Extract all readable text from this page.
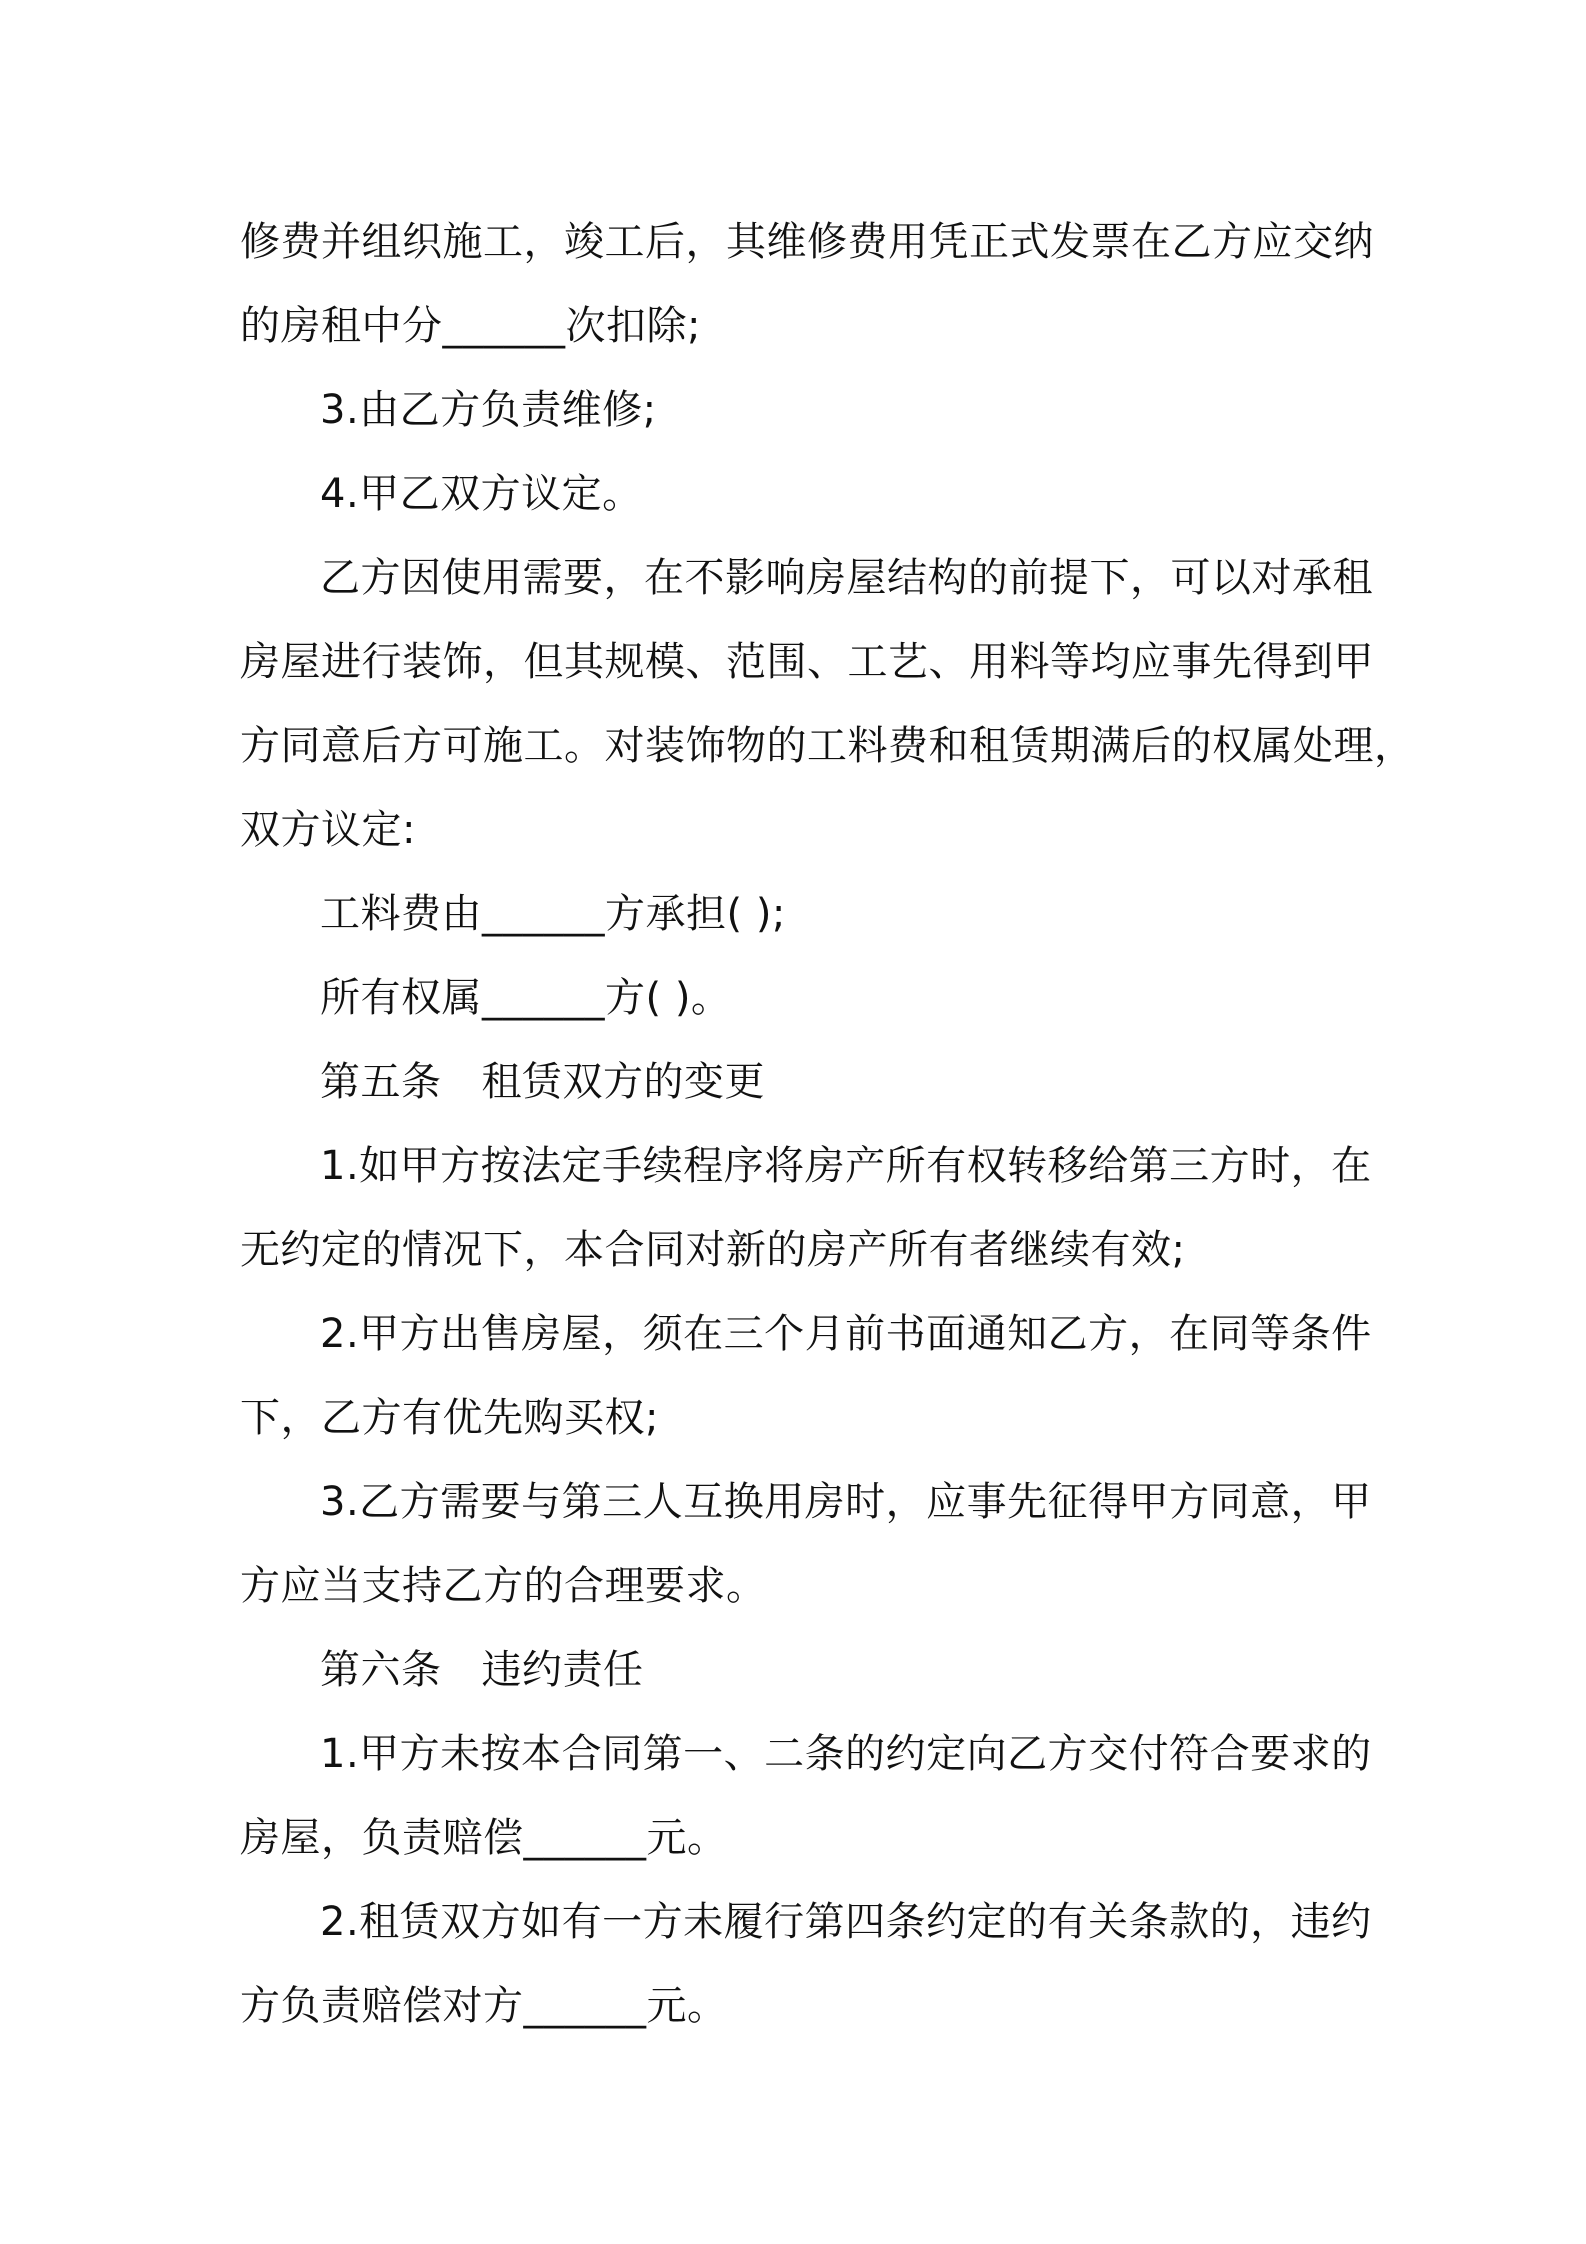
修费并组织施工，竣工后，其维修费用凭正式发票在乙方应交纳
的房租中分______次扣除;
3.由乙方负责维修;
4.甲乙双方议定。
乙方因使用需要，在不影响房屋结构的前提下，可以对承租
房屋进行装饰，但其规模、范围、工艺、用料等均应事先得到甲
方同意后方可施工。对装饰物的工料费和租赁期满后的权属处理，
双方议定:
工料费由______方承担( );
所有权属______方( )。
第五条 租赁双方的变更
1.如甲方按法定手续程序将房产所有权转移给第三方时，在
无约定的情况下，本合同对新的房产所有者继续有效;
2.甲方出售房屋，须在三个月前书面通知乙方，在同等条件
下，乙方有优先购买权;
3.乙方需要与第三人互换用房时，应事先征得甲方同意，甲
方应当支持乙方的合理要求。
第六条 违约责任
1.甲方未按本合同第一、二条的约定向乙方交付符合要求的
房屋，负责赔偿______元。
2.租赁双方如有一方未履行第四条约定的有关条款的，违约
方负责赔偿对方______元。
